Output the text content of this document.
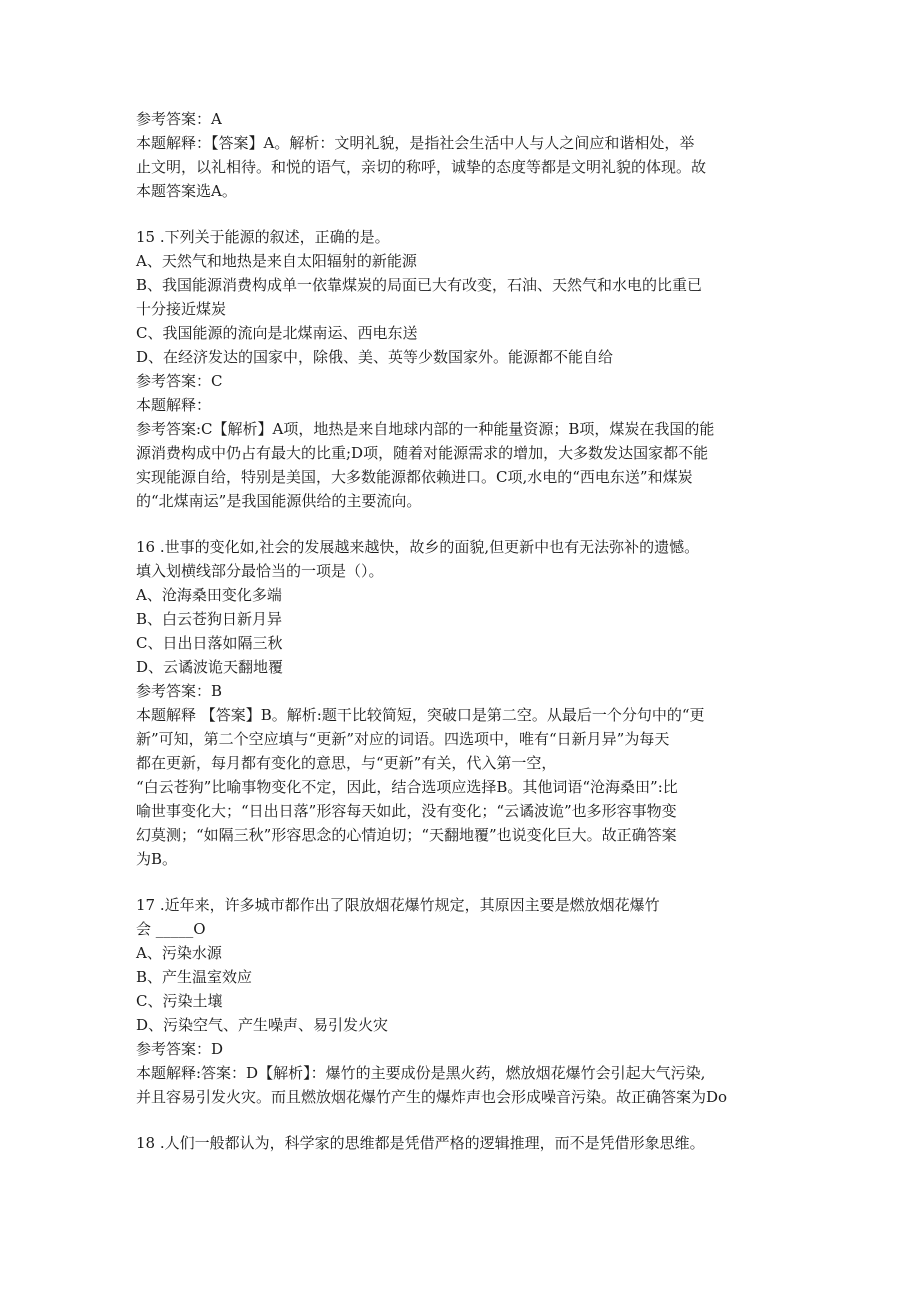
参考答案：A
本题解释：【答案】A。解析：文明礼貌，是指社会生活中人与人之间应和谐相处，举
止文明，以礼相待。和悦的语气，亲切的称呼，诚挚的态度等都是文明礼貌的体现。故
本题答案选A。
15 .下列关于能源的叙述，正确的是。
A、天然气和地热是来自太阳辐射的新能源
B、我国能源消费构成单一依靠煤炭的局面已大有改变，石油、天然气和水电的比重已
十分接近煤炭
C、我国能源的流向是北煤南运、西电东送
D、在经济发达的国家中，除俄、美、英等少数国家外。能源都不能自给
参考答案：C
本题解释：
参考答案:C【解析】A项，地热是来自地球内部的一种能量资源；B项，煤炭在我国的能
源消费构成中仍占有最大的比重;D项，随着对能源需求的增加，大多数发达国家都不能
实现能源自给，特别是美国，大多数能源都依赖进口。C项,水电的“西电东送”和煤炭
的“北煤南运”是我国能源供给的主要流向。
16 .世事的变化如,社会的发展越来越快，故乡的面貌,但更新中也有无法弥补的遗憾。
填入划横线部分最恰当的一项是（）。
A、沧海桑田变化多端
B、白云苍狗日新月异
C、日出日落如隔三秋
D、云谲波诡天翻地覆
参考答案：B
本题解释 【答案】B。解析:题干比较简短，突破口是第二空。从最后一个分句中的“更
新”可知，第二个空应填与“更新”对应的词语。四选项中，唯有“日新月异”为每天
都在更新，每月都有变化的意思，与“更新”有关，代入第一空，
“白云苍狗”比喻事物变化不定，因此，结合选项应选择B。其他词语“沧海桑田”:比
喻世事变化大；“日出日落”形容每天如此，没有变化；“云谲波诡”也多形容事物变
幻莫测；“如隔三秋”形容思念的心情迫切；“天翻地覆”也说变化巨大。故正确答案
为B。
17 .近年来，许多城市都作出了限放烟花爆竹规定，其原因主要是燃放烟花爆竹
会 _____O
A、污染水源
B、产生温室效应
C、污染土壤
D、污染空气、产生噪声、易引发火灾
参考答案：D
本题解释:答案：D【解析】：爆竹的主要成份是黑火药，燃放烟花爆竹会引起大气污染,
并且容易引发火灾。而且燃放烟花爆竹产生的爆炸声也会形成噪音污染。故正确答案为Do
18 .人们一般都认为，科学家的思维都是凭借严格的逻辑推理，而不是凭借形象思维。
